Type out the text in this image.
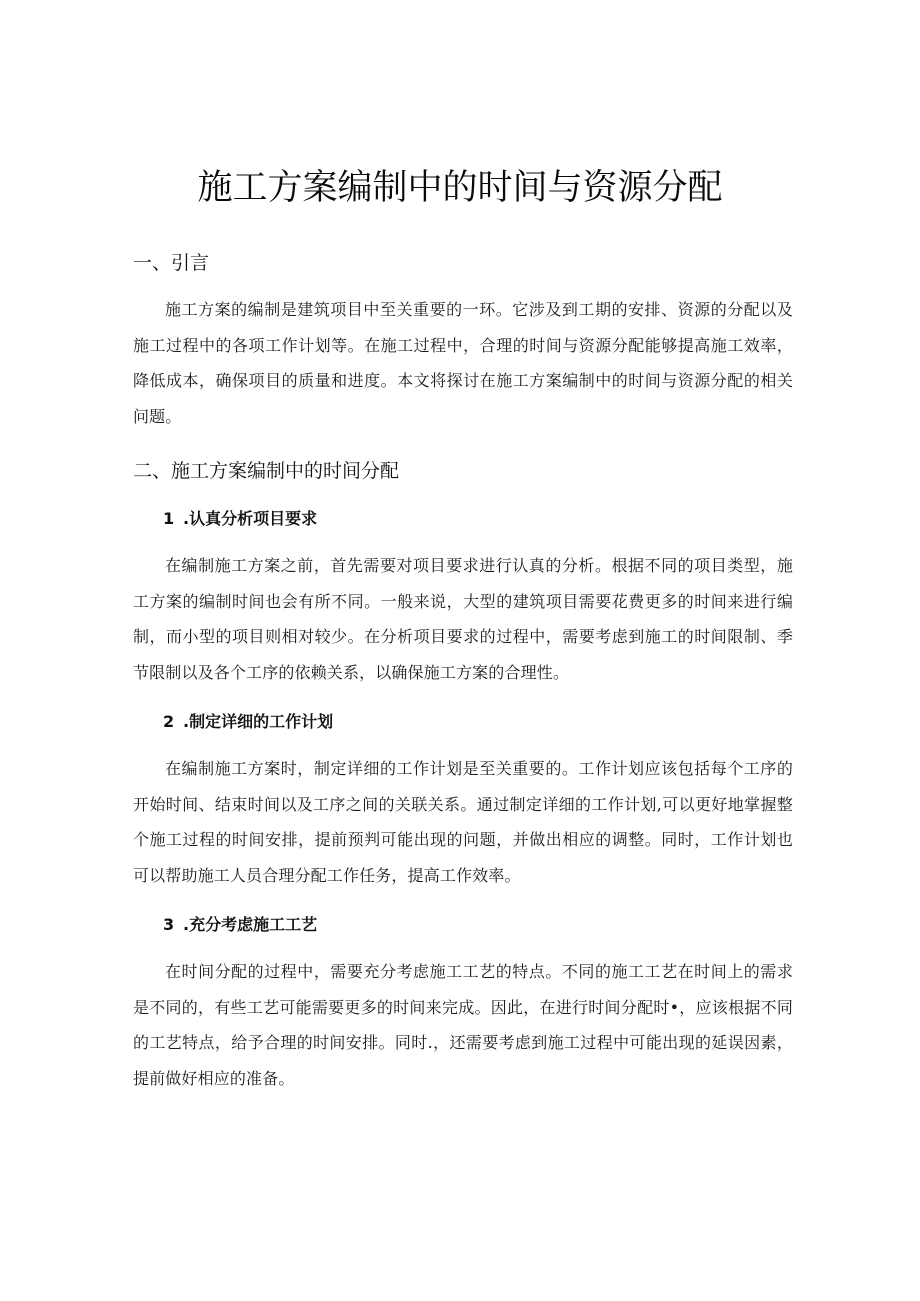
施工方案编制中的时间与资源分配
一、引言

施工方案的编制是建筑项目中至关重要的一环。它涉及到工期的安排、资源的分配以及施工过程中的各项工作计划等。在施工过程中，合理的时间与资源分配能够提高施工效率，降低成本，确保项目的质量和进度。本文将探讨在施工方案编制中的时间与资源分配的相关问题。

二、施工方案编制中的时间分配
1 .认真分析项目要求

在编制施工方案之前，首先需要对项目要求进行认真的分析。根据不同的项目类型，施工方案的编制时间也会有所不同。一般来说，大型的建筑项目需要花费更多的时间来进行编制，而小型的项目则相对较少。在分析项目要求的过程中，需要考虑到施工的时间限制、季节限制以及各个工序的依赖关系，以确保施工方案的合理性。

2 .制定详细的工作计划

在编制施工方案时，制定详细的工作计划是至关重要的。工作计划应该包括每个工序的开始时间、结束时间以及工序之间的关联关系。通过制定详细的工作计划,可以更好地掌握整个施工过程的时间安排，提前预判可能出现的问题，并做出相应的调整。同时，工作计划也可以帮助施工人员合理分配工作任务，提高工作效率。

3 .充分考虑施工工艺

在时间分配的过程中，需要充分考虑施工工艺的特点。不同的施工工艺在时间上的需求是不同的，有些工艺可能需要更多的时间来完成。因此，在进行时间分配时•，应该根据不同的工艺特点，给予合理的时间安排。同时.，还需要考虑到施工过程中可能出现的延误因素，提前做好相应的准备。
